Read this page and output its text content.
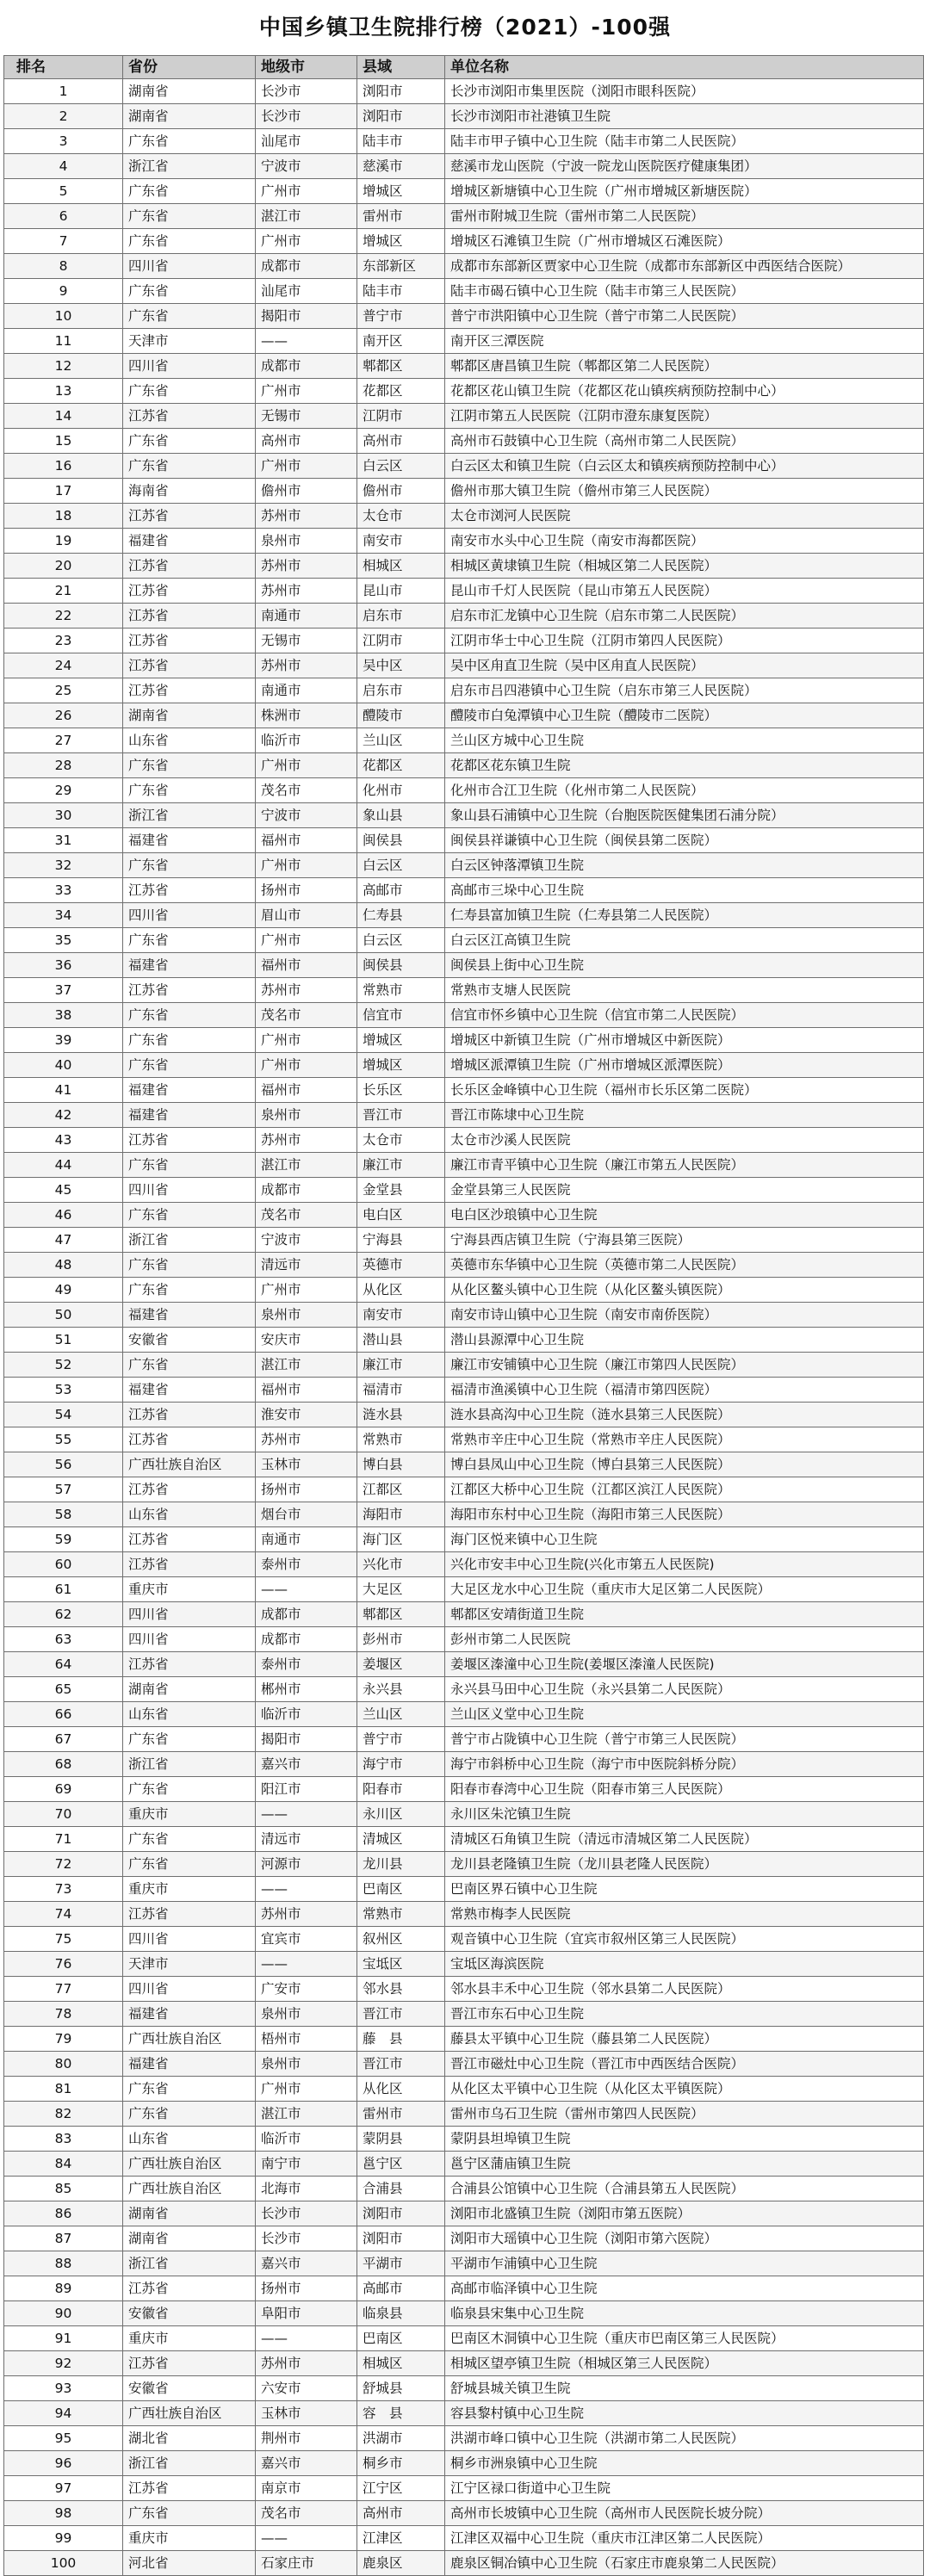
中国乡镇卫生院排行榜（2021）-100强
排名	省份	地级市	县域	单位名称
1	湖南省	长沙市	浏阳市	长沙市浏阳市集里医院（浏阳市眼科医院）
2	湖南省	长沙市	浏阳市	长沙市浏阳市社港镇卫生院
3	广东省	汕尾市	陆丰市	陆丰市甲子镇中心卫生院（陆丰市第二人民医院）
4	浙江省	宁波市	慈溪市	慈溪市龙山医院（宁波一院龙山医院医疗健康集团）
5	广东省	广州市	增城区	增城区新塘镇中心卫生院（广州市增城区新塘医院）
6	广东省	湛江市	雷州市	雷州市附城卫生院（雷州市第二人民医院）
7	广东省	广州市	增城区	增城区石滩镇卫生院（广州市增城区石滩医院）
8	四川省	成都市	东部新区	成都市东部新区贾家中心卫生院（成都市东部新区中西医结合医院）
9	广东省	汕尾市	陆丰市	陆丰市碣石镇中心卫生院（陆丰市第三人民医院）
10	广东省	揭阳市	普宁市	普宁市洪阳镇中心卫生院（普宁市第二人民医院）
11	天津市	——	南开区	南开区三潭医院
12	四川省	成都市	郫都区	郫都区唐昌镇卫生院（郫都区第二人民医院）
13	广东省	广州市	花都区	花都区花山镇卫生院（花都区花山镇疾病预防控制中心）
14	江苏省	无锡市	江阴市	江阴市第五人民医院（江阴市澄东康复医院）
15	广东省	高州市	高州市	高州市石鼓镇中心卫生院（高州市第二人民医院）
16	广东省	广州市	白云区	白云区太和镇卫生院（白云区太和镇疾病预防控制中心）
17	海南省	儋州市	儋州市	儋州市那大镇卫生院（儋州市第三人民医院）
18	江苏省	苏州市	太仓市	太仓市浏河人民医院
19	福建省	泉州市	南安市	南安市水头中心卫生院（南安市海都医院）
20	江苏省	苏州市	相城区	相城区黄埭镇卫生院（相城区第二人民医院）
21	江苏省	苏州市	昆山市	昆山市千灯人民医院（昆山市第五人民医院）
22	江苏省	南通市	启东市	启东市汇龙镇中心卫生院（启东市第二人民医院）
23	江苏省	无锡市	江阴市	江阴市华士中心卫生院（江阴市第四人民医院）
24	江苏省	苏州市	吴中区	吴中区甪直卫生院（吴中区甪直人民医院）
25	江苏省	南通市	启东市	启东市吕四港镇中心卫生院（启东市第三人民医院）
26	湖南省	株洲市	醴陵市	醴陵市白兔潭镇中心卫生院（醴陵市二医院）
27	山东省	临沂市	兰山区	兰山区方城中心卫生院
28	广东省	广州市	花都区	花都区花东镇卫生院
29	广东省	茂名市	化州市	化州市合江卫生院（化州市第二人民医院）
30	浙江省	宁波市	象山县	象山县石浦镇中心卫生院（台胞医院医健集团石浦分院）
31	福建省	福州市	闽侯县	闽侯县祥谦镇中心卫生院（闽侯县第二医院）
32	广东省	广州市	白云区	白云区钟落潭镇卫生院
33	江苏省	扬州市	高邮市	高邮市三垛中心卫生院
34	四川省	眉山市	仁寿县	仁寿县富加镇卫生院（仁寿县第二人民医院）
35	广东省	广州市	白云区	白云区江高镇卫生院
36	福建省	福州市	闽侯县	闽侯县上街中心卫生院
37	江苏省	苏州市	常熟市	常熟市支塘人民医院
38	广东省	茂名市	信宜市	信宜市怀乡镇中心卫生院（信宜市第二人民医院）
39	广东省	广州市	增城区	增城区中新镇卫生院（广州市增城区中新医院）
40	广东省	广州市	增城区	增城区派潭镇卫生院（广州市增城区派潭医院）
41	福建省	福州市	长乐区	长乐区金峰镇中心卫生院（福州市长乐区第二医院）
42	福建省	泉州市	晋江市	晋江市陈埭中心卫生院
43	江苏省	苏州市	太仓市	太仓市沙溪人民医院
44	广东省	湛江市	廉江市	廉江市青平镇中心卫生院（廉江市第五人民医院）
45	四川省	成都市	金堂县	金堂县第三人民医院
46	广东省	茂名市	电白区	电白区沙琅镇中心卫生院
47	浙江省	宁波市	宁海县	宁海县西店镇卫生院（宁海县第三医院）
48	广东省	清远市	英德市	英德市东华镇中心卫生院（英德市第二人民医院）
49	广东省	广州市	从化区	从化区鳌头镇中心卫生院（从化区鳌头镇医院）
50	福建省	泉州市	南安市	南安市诗山镇中心卫生院（南安市南侨医院）
51	安徽省	安庆市	潜山县	潜山县源潭中心卫生院
52	广东省	湛江市	廉江市	廉江市安铺镇中心卫生院（廉江市第四人民医院）
53	福建省	福州市	福清市	福清市渔溪镇中心卫生院（福清市第四医院）
54	江苏省	淮安市	涟水县	涟水县高沟中心卫生院（涟水县第三人民医院）
55	江苏省	苏州市	常熟市	常熟市辛庄中心卫生院（常熟市辛庄人民医院）
56	广西壮族自治区	玉林市	博白县	博白县凤山中心卫生院（博白县第三人民医院）
57	江苏省	扬州市	江都区	江都区大桥中心卫生院（江都区滨江人民医院）
58	山东省	烟台市	海阳市	海阳市东村中心卫生院（海阳市第三人民医院）
59	江苏省	南通市	海门区	海门区悦来镇中心卫生院
60	江苏省	泰州市	兴化市	兴化市安丰中心卫生院(兴化市第五人民医院)
61	重庆市	——	大足区	大足区龙水中心卫生院（重庆市大足区第二人民医院）
62	四川省	成都市	郫都区	郫都区安靖街道卫生院
63	四川省	成都市	彭州市	彭州市第二人民医院
64	江苏省	泰州市	姜堰区	姜堰区溱潼中心卫生院(姜堰区溱潼人民医院)
65	湖南省	郴州市	永兴县	永兴县马田中心卫生院（永兴县第二人民医院）
66	山东省	临沂市	兰山区	兰山区义堂中心卫生院
67	广东省	揭阳市	普宁市	普宁市占陇镇中心卫生院（普宁市第三人民医院）
68	浙江省	嘉兴市	海宁市	海宁市斜桥中心卫生院（海宁市中医院斜桥分院）
69	广东省	阳江市	阳春市	阳春市春湾中心卫生院（阳春市第三人民医院）
70	重庆市	——	永川区	永川区朱沱镇卫生院
71	广东省	清远市	清城区	清城区石角镇卫生院（清远市清城区第二人民医院）
72	广东省	河源市	龙川县	龙川县老隆镇卫生院（龙川县老隆人民医院）
73	重庆市	——	巴南区	巴南区界石镇中心卫生院
74	江苏省	苏州市	常熟市	常熟市梅李人民医院
75	四川省	宜宾市	叙州区	观音镇中心卫生院（宜宾市叙州区第三人民医院）
76	天津市	——	宝坻区	宝坻区海滨医院
77	四川省	广安市	邻水县	邻水县丰禾中心卫生院（邻水县第二人民医院）
78	福建省	泉州市	晋江市	晋江市东石中心卫生院
79	广西壮族自治区	梧州市	藤　县	藤县太平镇中心卫生院（藤县第二人民医院）
80	福建省	泉州市	晋江市	晋江市磁灶中心卫生院（晋江市中西医结合医院）
81	广东省	广州市	从化区	从化区太平镇中心卫生院（从化区太平镇医院）
82	广东省	湛江市	雷州市	雷州市乌石卫生院（雷州市第四人民医院）
83	山东省	临沂市	蒙阴县	蒙阴县坦埠镇卫生院
84	广西壮族自治区	南宁市	邕宁区	邕宁区蒲庙镇卫生院
85	广西壮族自治区	北海市	合浦县	合浦县公馆镇中心卫生院（合浦县第五人民医院）
86	湖南省	长沙市	浏阳市	浏阳市北盛镇卫生院（浏阳市第五医院）
87	湖南省	长沙市	浏阳市	浏阳市大瑶镇中心卫生院（浏阳市第六医院）
88	浙江省	嘉兴市	平湖市	平湖市乍浦镇中心卫生院
89	江苏省	扬州市	高邮市	高邮市临泽镇中心卫生院
90	安徽省	阜阳市	临泉县	临泉县宋集中心卫生院
91	重庆市	——	巴南区	巴南区木洞镇中心卫生院（重庆市巴南区第三人民医院）
92	江苏省	苏州市	相城区	相城区望亭镇卫生院（相城区第三人民医院）
93	安徽省	六安市	舒城县	舒城县城关镇卫生院
94	广西壮族自治区	玉林市	容　县	容县黎村镇中心卫生院
95	湖北省	荆州市	洪湖市	洪湖市峰口镇中心卫生院（洪湖市第二人民医院）
96	浙江省	嘉兴市	桐乡市	桐乡市洲泉镇中心卫生院
97	江苏省	南京市	江宁区	江宁区禄口街道中心卫生院
98	广东省	茂名市	高州市	高州市长坡镇中心卫生院（高州市人民医院长坡分院）
99	重庆市	——	江津区	江津区双福中心卫生院（重庆市江津区第二人民医院）
100	河北省	石家庄市	鹿泉区	鹿泉区铜冶镇中心卫生院（石家庄市鹿泉第二人民医院）
